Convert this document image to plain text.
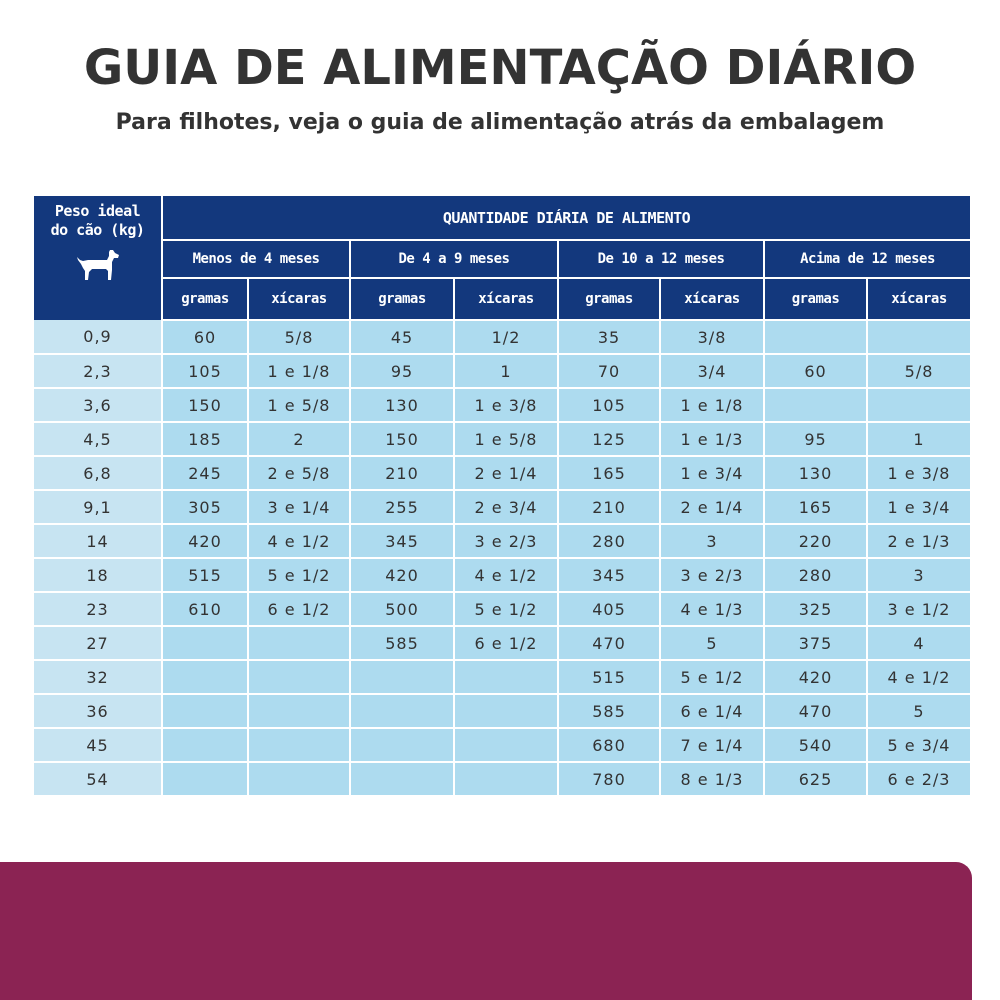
GUIA DE ALIMENTAÇÃO DIÁRIO

Para filhotes, veja o guia de alimentação atrás da embalagem

Peso ideal
do cão (kg)	QUANTIDADE DIÁRIA DE ALIMENTO							
	Menos de 4 meses		De 4 a 9 meses		De 10 a 12 meses		Acima de 12 meses	
	gramas	xícaras	gramas	xícaras	gramas	xícaras	gramas	xícaras
0,9	60	5/8	45	1/2	35	3/8		
2,3	105	1 e 1/8	95	1	70	3/4	60	5/8
3,6	150	1 e 5/8	130	1 e 3/8	105	1 e 1/8		
4,5	185	2	150	1 e 5/8	125	1 e 1/3	95	1
6,8	245	2 e 5/8	210	2 e 1/4	165	1 e 3/4	130	1 e 3/8
9,1	305	3 e 1/4	255	2 e 3/4	210	2 e 1/4	165	1 e 3/4
14	420	4 e 1/2	345	3 e 2/3	280	3	220	2 e 1/3
18	515	5 e 1/2	420	4 e 1/2	345	3 e 2/3	280	3
23	610	6 e 1/2	500	5 e 1/2	405	4 e 1/3	325	3 e 1/2
27			585	6 e 1/2	470	5	375	4
32					515	5 e 1/2	420	4 e 1/2
36					585	6 e 1/4	470	5
45					680	7 e 1/4	540	5 e 3/4
54					780	8 e 1/3	625	6 e 2/3
